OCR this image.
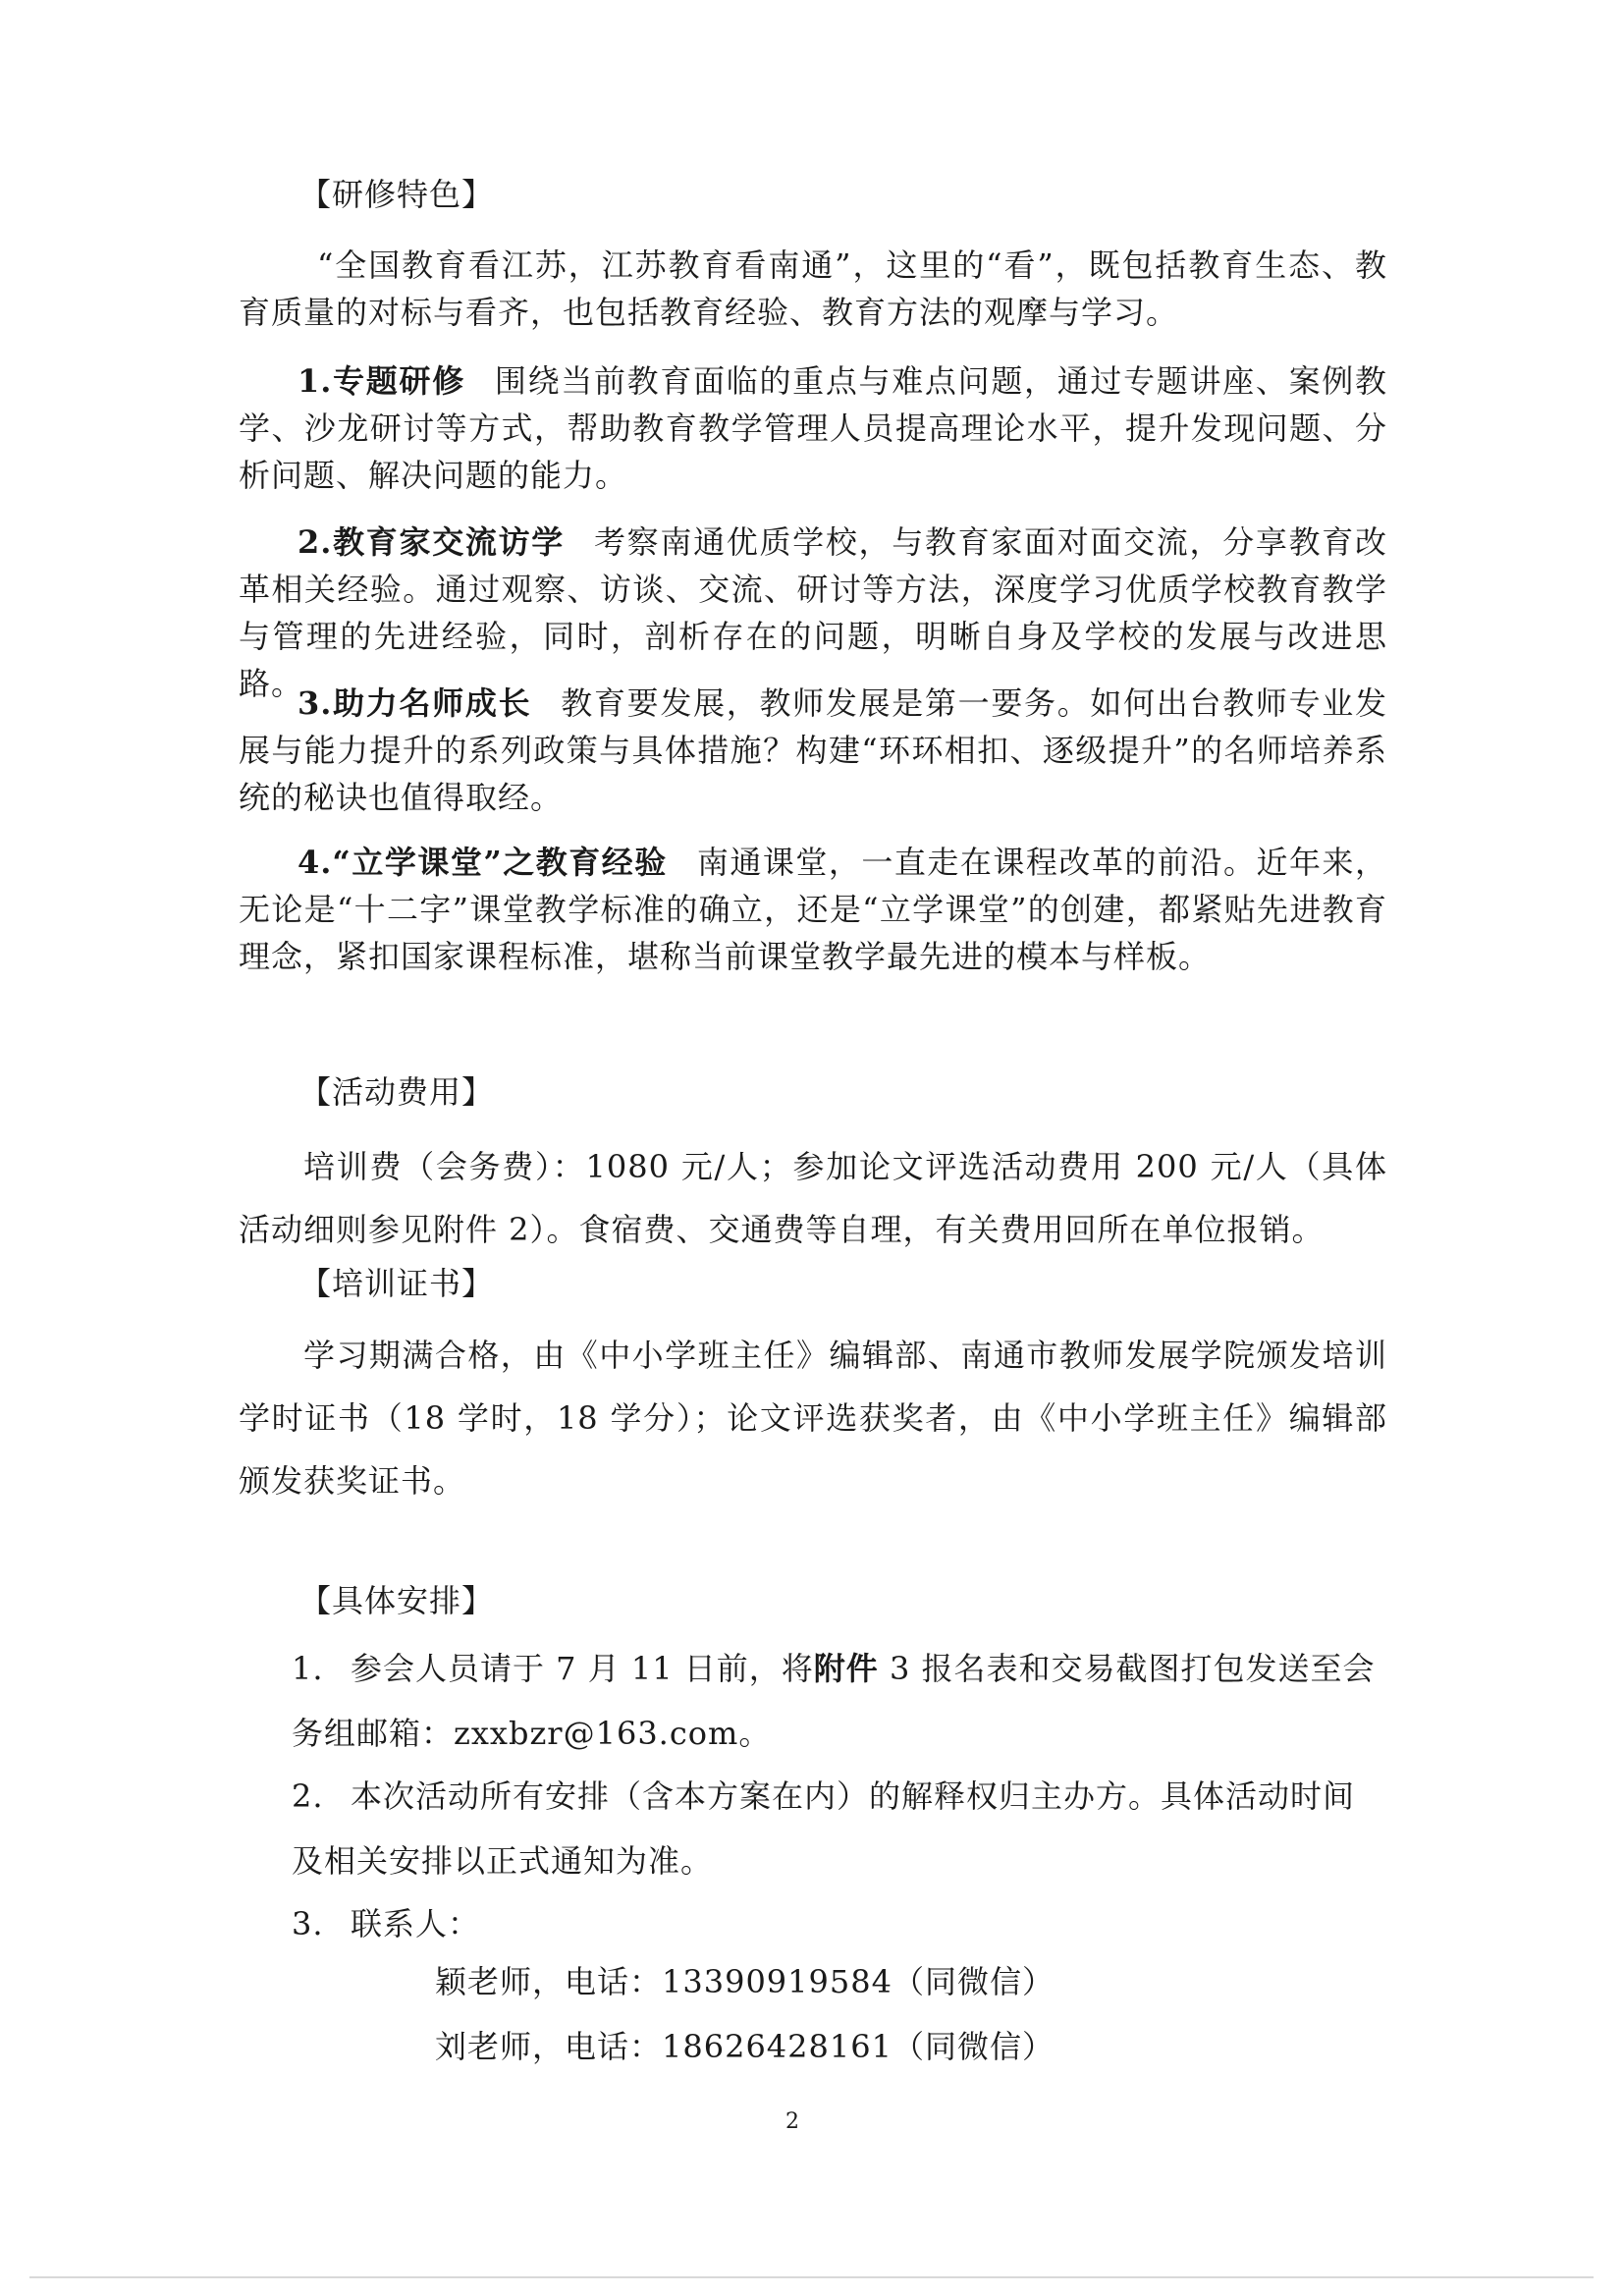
【研修特色】
“全国教育看江苏，江苏教育看南通”，这里的“看”，既包括教育生态、教育质量的对标与看齐，也包括教育经验、教育方法的观摩与学习。
1.专题研修 围绕当前教育面临的重点与难点问题，通过专题讲座、案例教学、沙龙研讨等方式，帮助教育教学管理人员提高理论水平，提升发现问题、分析问题、解决问题的能力。
2.教育家交流访学 考察南通优质学校，与教育家面对面交流，分享教育改革相关经验。通过观察、访谈、交流、研讨等方法，深度学习优质学校教育教学与管理的先进经验，同时，剖析存在的问题，明晰自身及学校的发展与改进思路。
3.助力名师成长 教育要发展，教师发展是第一要务。如何出台教师专业发展与能力提升的系列政策与具体措施？构建“环环相扣、逐级提升”的名师培养系统的秘诀也值得取经。
4.“立学课堂”之教育经验 南通课堂，一直走在课程改革的前沿。近年来，无论是“十二字”课堂教学标准的确立，还是“立学课堂”的创建，都紧贴先进教育理念，紧扣国家课程标准，堪称当前课堂教学最先进的模本与样板。
【活动费用】
培训费（会务费）：1080 元/人；参加论文评选活动费用 200 元/人（具体活动细则参见附件 2）。食宿费、交通费等自理，有关费用回所在单位报销。
【培训证书】
学习期满合格，由《中小学班主任》编辑部、南通市教师发展学院颁发培训学时证书（18 学时，18 学分）；论文评选获奖者，由《中小学班主任》编辑部颁发获奖证书。
【具体安排】
1. 参会人员请于 7 月 11 日前，将附件 3 报名表和交易截图打包发送至会务组邮箱：zxxbzr@163.com。
2. 本次活动所有安排（含本方案在内）的解释权归主办方。具体活动时间及相关安排以正式通知为准。
3. 联系人：
颖老师，电话：13390919584（同微信）
刘老师，电话：18626428161（同微信）
2
